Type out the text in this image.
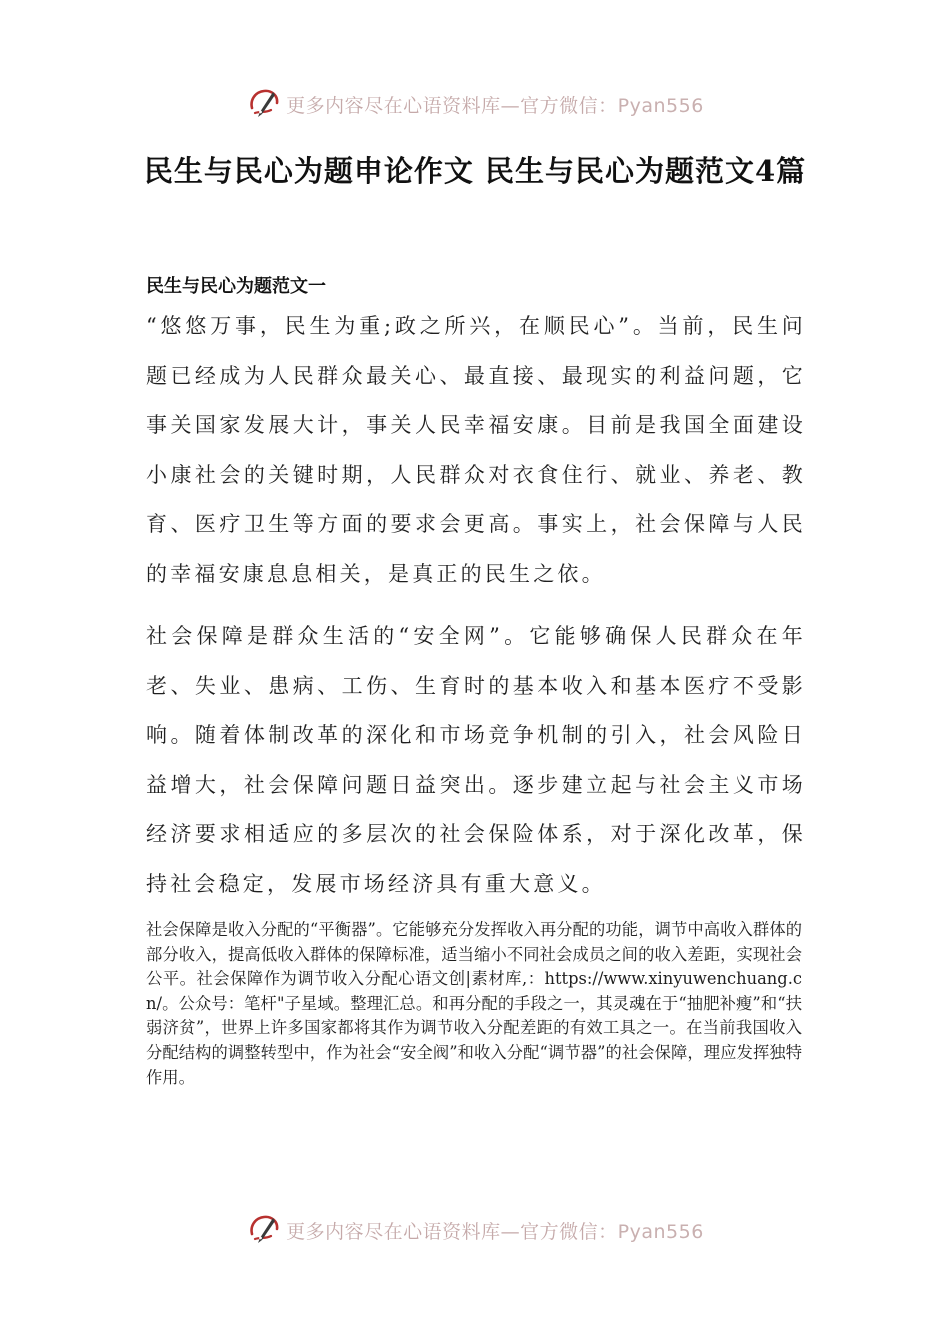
更多内容尽在心语资料库—官方微信：Pyan556
民生与民心为题申论作文 民生与民心为题范文4篇
民生与民心为题范文一

“悠悠万事，民生为重;政之所兴，在顺民心”。当前，民生问题已经成为人民群众最关心、最直接、最现实的利益问题，它事关国家发展大计，事关人民幸福安康。目前是我国全面建设小康社会的关键时期，人民群众对衣食住行、就业、养老、教育、医疗卫生等方面的要求会更高。事实上，社会保障与人民的幸福安康息息相关，是真正的民生之依。

社会保障是群众生活的“安全网”。它能够确保人民群众在年老、失业、患病、工伤、生育时的基本收入和基本医疗不受影响。随着体制改革的深化和市场竞争机制的引入，社会风险日益增大，社会保障问题日益突出。逐步建立起与社会主义市场经济要求相适应的多层次的社会保险体系，对于深化改革，保持社会稳定，发展市场经济具有重大意义。

社会保障是收入分配的“平衡器”。它能够充分发挥收入再分配的功能，调节中高收入群体的部分收入，提高低收入群体的保障标准，适当缩小不同社会成员之间的收入差距，实现社会公平。社会保障作为调节收入分配心语文创|素材库,：https://www.xinyuwenchuang.cn/。公众号：笔杆"子星域。整理汇总。和再分配的手段之一，其灵魂在于“抽肥补瘦”和“扶弱济贫”，世界上许多国家都将其作为调节收入分配差距的有效工具之一。在当前我国收入分配结构的调整转型中，作为社会“安全阀”和收入分配“调节器”的社会保障，理应发挥独特作用。

更多内容尽在心语资料库—官方微信：Pyan556
